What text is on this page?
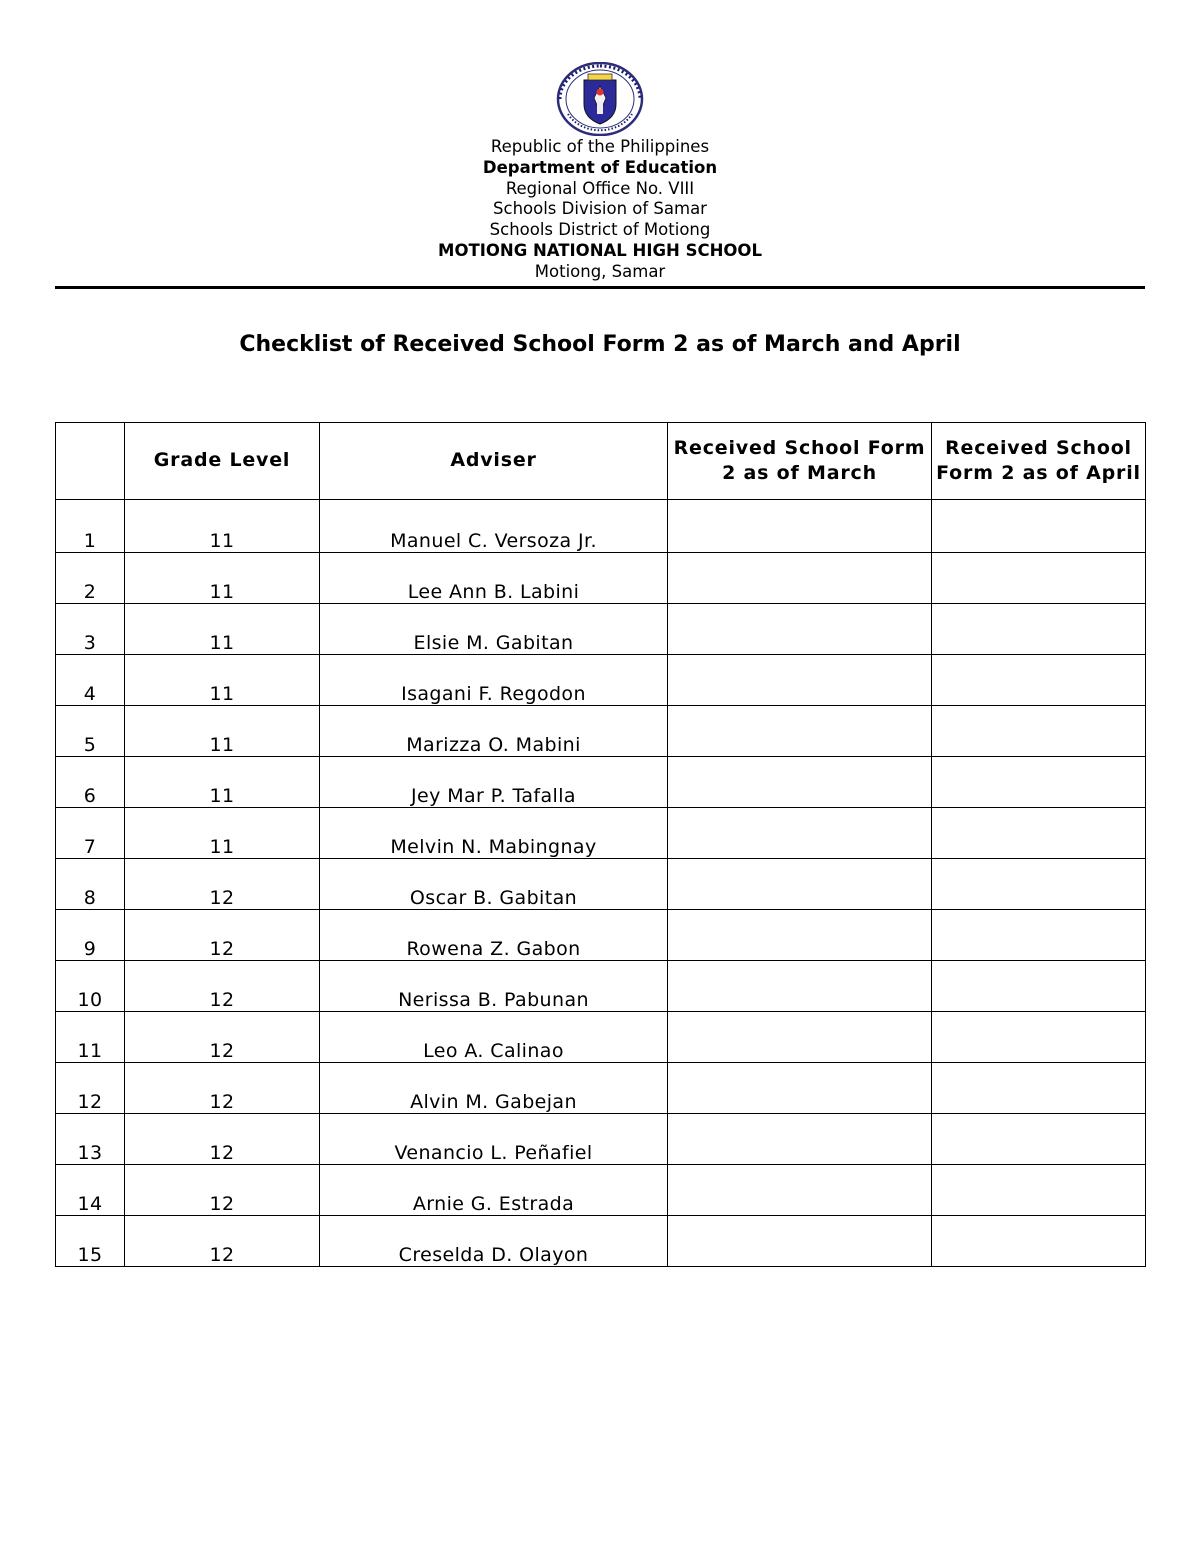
Republic of the Philippines
Department of Education
Regional Office No. VIII
Schools Division of Samar
Schools District of Motiong
MOTIONG NATIONAL HIGH SCHOOL
Motiong, Samar
Checklist of Received School Form 2 as of March and April
	Grade Level	Adviser	Received School Form 2 as of March	Received School Form 2 as of April
1	11	Manuel C. Versoza Jr.		
2	11	Lee Ann B. Labini		
3	11	Elsie M. Gabitan		
4	11	Isagani F. Regodon		
5	11	Marizza O. Mabini		
6	11	Jey Mar P. Tafalla		
7	11	Melvin N. Mabingnay		
8	12	Oscar B. Gabitan		
9	12	Rowena Z. Gabon		
10	12	Nerissa B. Pabunan		
11	12	Leo A. Calinao		
12	12	Alvin M. Gabejan		
13	12	Venancio L. Peñafiel		
14	12	Arnie G. Estrada		
15	12	Creselda D. Olayon		
